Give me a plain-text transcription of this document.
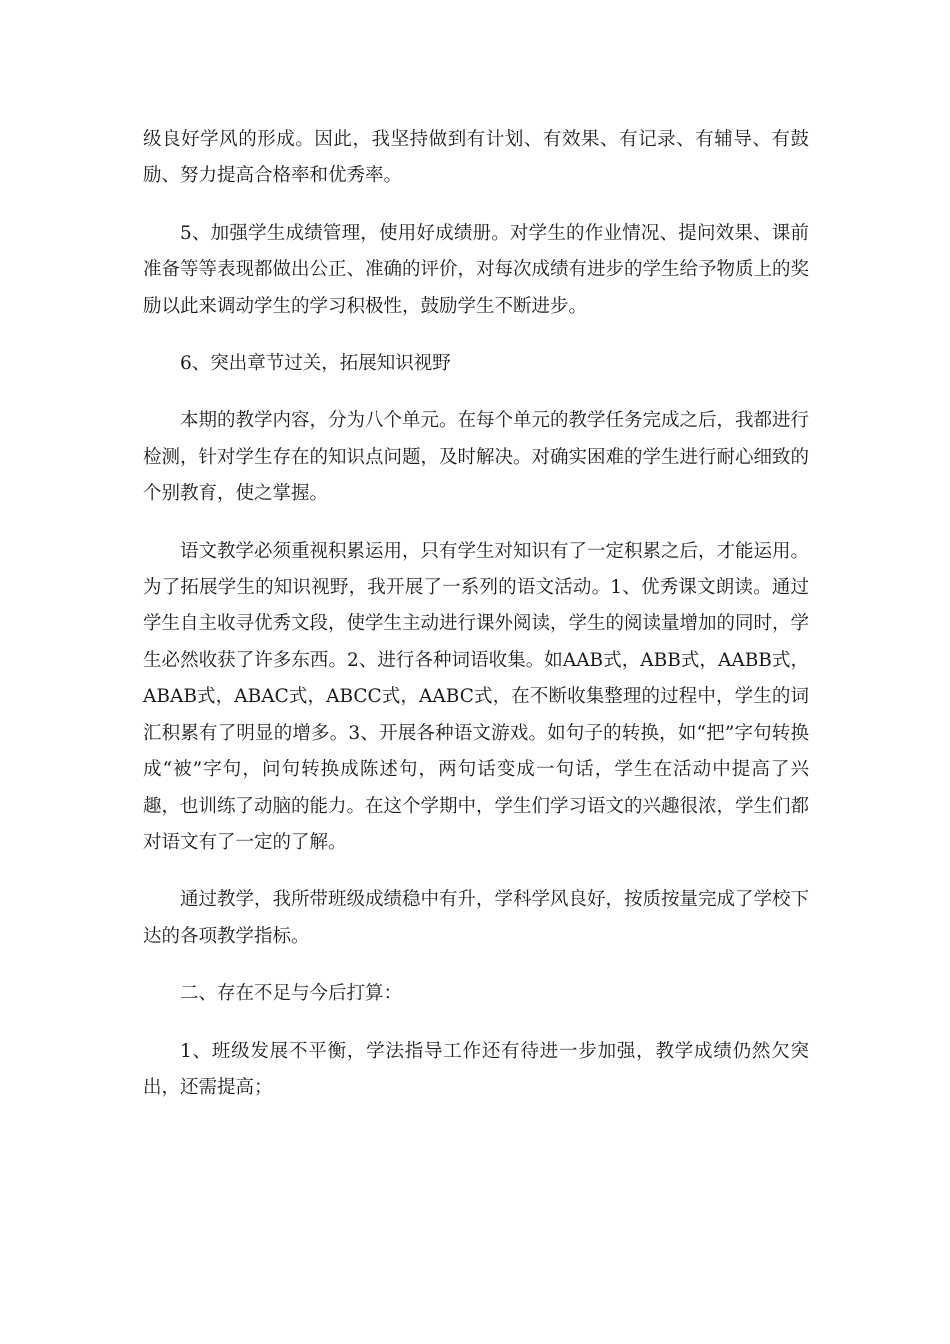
级良好学风的形成。因此，我坚持做到有计划、有效果、有记录、有辅导、有鼓励、努力提高合格率和优秀率。

5、加强学生成绩管理，使用好成绩册。对学生的作业情况、提问效果、课前准备等等表现都做出公正、准确的评价，对每次成绩有进步的学生给予物质上的奖励以此来调动学生的学习积极性，鼓励学生不断进步。

6、突出章节过关，拓展知识视野

本期的教学内容，分为八个单元。在每个单元的教学任务完成之后，我都进行检测，针对学生存在的知识点问题，及时解决。对确实困难的学生进行耐心细致的个别教育，使之掌握。

语文教学必须重视积累运用，只有学生对知识有了一定积累之后，才能运用。为了拓展学生的知识视野，我开展了一系列的语文活动。1、优秀课文朗读。通过学生自主收寻优秀文段，使学生主动进行课外阅读，学生的阅读量增加的同时，学生必然收获了许多东西。2、进行各种词语收集。如AAB式，ABB式，AABB式，ABAB式，ABAC式，ABCC式，AABC式，在不断收集整理的过程中，学生的词汇积累有了明显的增多。3、开展各种语文游戏。如句子的转换，如“把”字句转换成“被”字句，问句转换成陈述句，两句话变成一句话，学生在活动中提高了兴趣，也训练了动脑的能力。在这个学期中，学生们学习语文的兴趣很浓，学生们都对语文有了一定的了解。

通过教学，我所带班级成绩稳中有升，学科学风良好，按质按量完成了学校下达的各项教学指标。

二、存在不足与今后打算：

1、班级发展不平衡，学法指导工作还有待进一步加强，教学成绩仍然欠突出，还需提高；
